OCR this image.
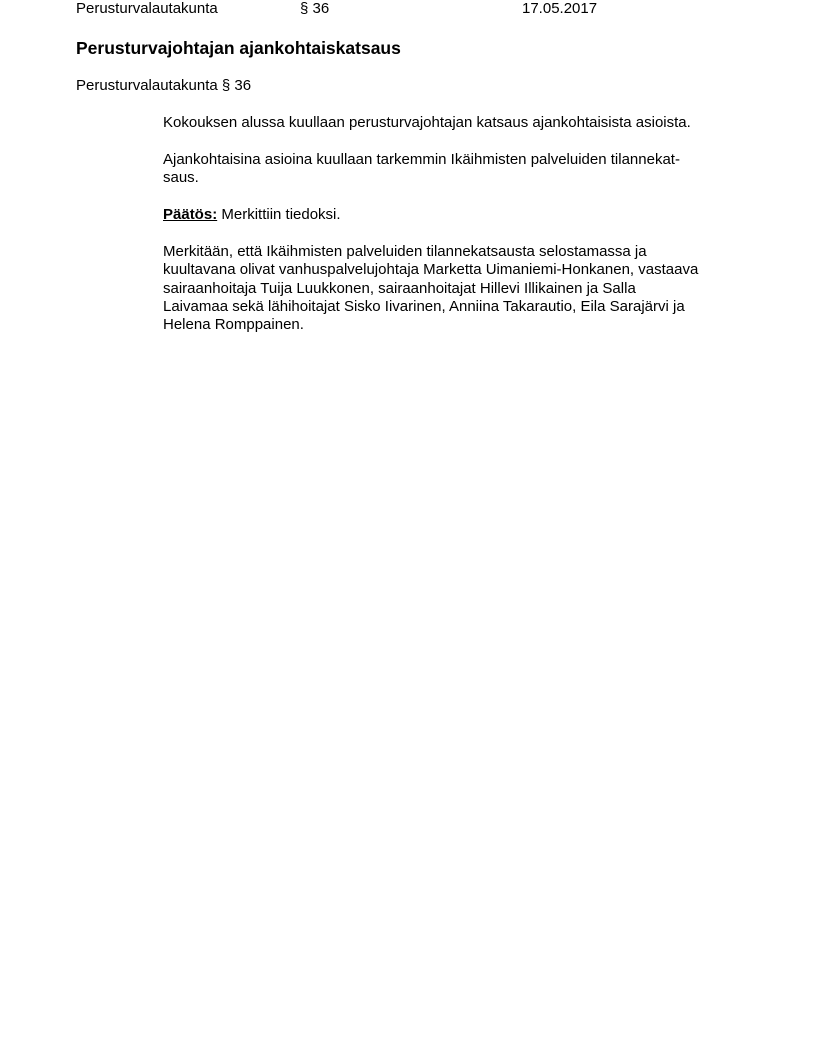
Perusturvalautakunta	§ 36	17.05.2017
Perusturvajohtajan ajankohtaiskatsaus
Perusturvalautakunta § 36

Kokouksen alussa kuullaan perusturvajohtajan katsaus ajankohtaisista asioista.

Ajankohtaisina asioina kuullaan tarkemmin Ikäihmisten palveluiden tilannekat-
saus.

Päätös: Merkittiin tiedoksi.

Merkitään, että Ikäihmisten palveluiden tilannekatsausta selostamassa ja
kuultavana olivat vanhuspalvelujohtaja Marketta Uimaniemi-Honkanen, vastaava
sairaanhoitaja Tuija Luukkonen, sairaanhoitajat Hillevi Illikainen ja Salla
Laivamaa sekä lähihoitajat Sisko Iivarinen, Anniina Takarautio, Eila Sarajärvi ja
Helena Romppainen.
